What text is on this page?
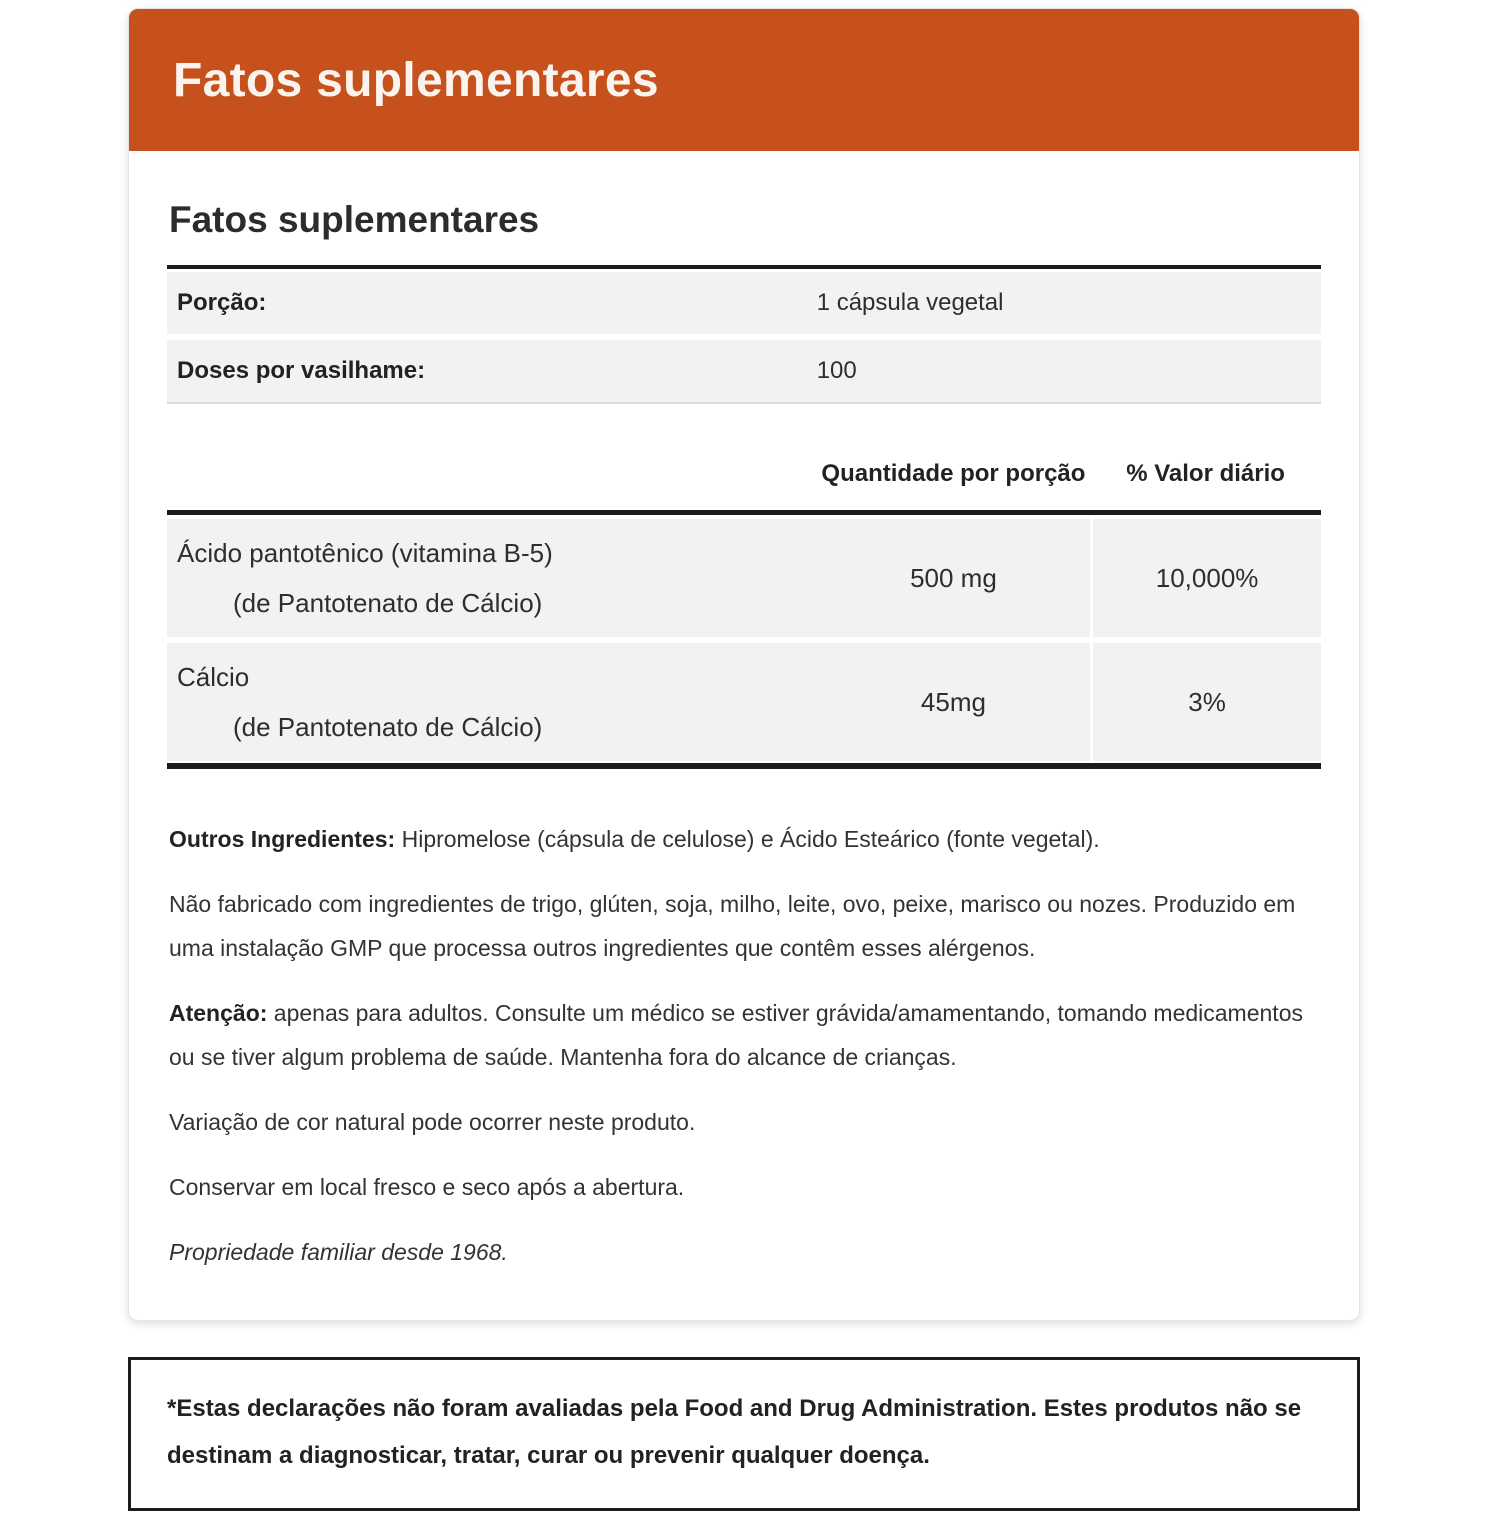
Fatos suplementares
Fatos suplementares
Porção:	1 cápsula vegetal
Doses por vasilhame:	100
Quantidade por porção	% Valor diário
Ácido pantotênico (vitamina B-5)
(de Pantotenato de Cálcio)
500 mg	10,000%
Cálcio
(de Pantotenato de Cálcio)
45mg	3%

Outros Ingredientes: Hipromelose (cápsula de celulose) e Ácido Esteárico (fonte vegetal).

Não fabricado com ingredientes de trigo, glúten, soja, milho, leite, ovo, peixe, marisco ou nozes. Produzido em uma instalação GMP que processa outros ingredientes que contêm esses alérgenos.

Atenção: apenas para adultos. Consulte um médico se estiver grávida/amamentando, tomando medicamentos ou se tiver algum problema de saúde. Mantenha fora do alcance de crianças.

Variação de cor natural pode ocorrer neste produto.

Conservar em local fresco e seco após a abertura.

Propriedade familiar desde 1968.

*Estas declarações não foram avaliadas pela Food and Drug Administration. Estes produtos não se destinam a diagnosticar, tratar, curar ou prevenir qualquer doença.
